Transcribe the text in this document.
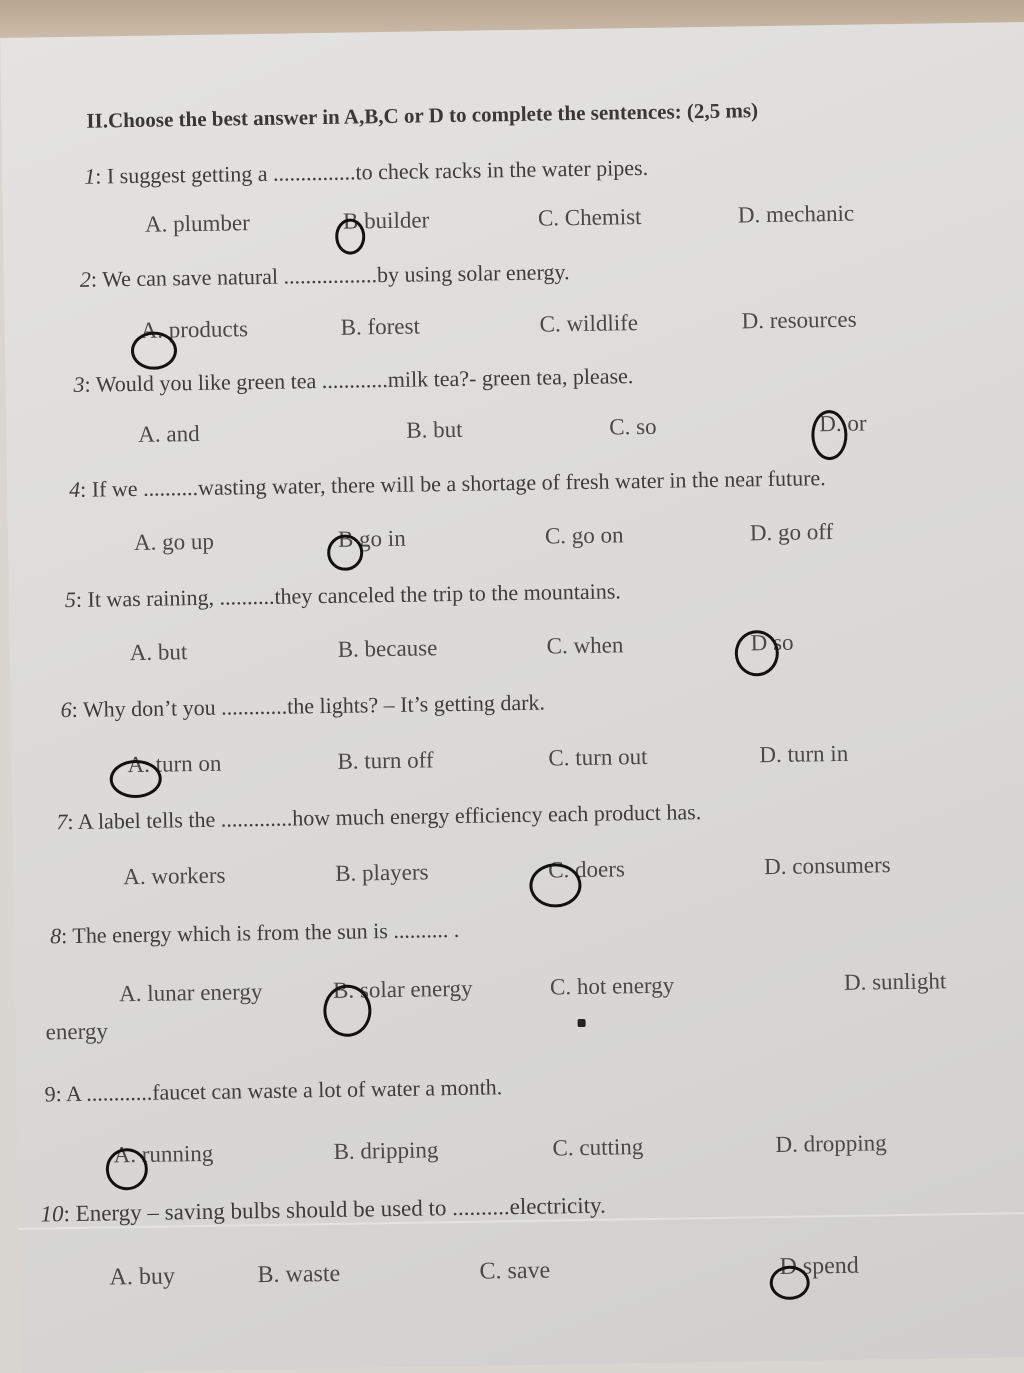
II.Choose the best answer in A,B,C or D to complete the sentences: (2,5 ms)
1: I suggest getting a ...............to check racks in the water pipes.
A. plumber	B builder	C. Chemist	D. mechanic
2: We can save natural .................by using solar energy.
A. products	B. forest	C. wildlife	D. resources
3: Would you like green tea ............milk tea?- green tea, please.
A. and	B. but	C. so	D. or
4: If we ..........wasting water, there will be a shortage of fresh water in the near future.
A. go up	B go in	C. go on	D. go off
5: It was raining, ..........they canceled the trip to the mountains.
A. but	B. because	C. when	D so
6: Why don’t you ............the lights? – It’s getting dark.
A. turn on	B. turn off	C. turn out	D. turn in
7: A label tells the .............how much energy efficiency each product has.
A. workers	B. players	C. doers	D. consumers
8: The energy which is from the sun is .......... .
A. lunar energy	B. solar energy	C. hot energy	D. sunlight
energy
9: A ............faucet can waste a lot of water a month.
A. running	B. dripping	C. cutting	D. dropping
10: Energy – saving bulbs should be used to ..........electricity.
A. buy	B. waste	C. save	D spend
